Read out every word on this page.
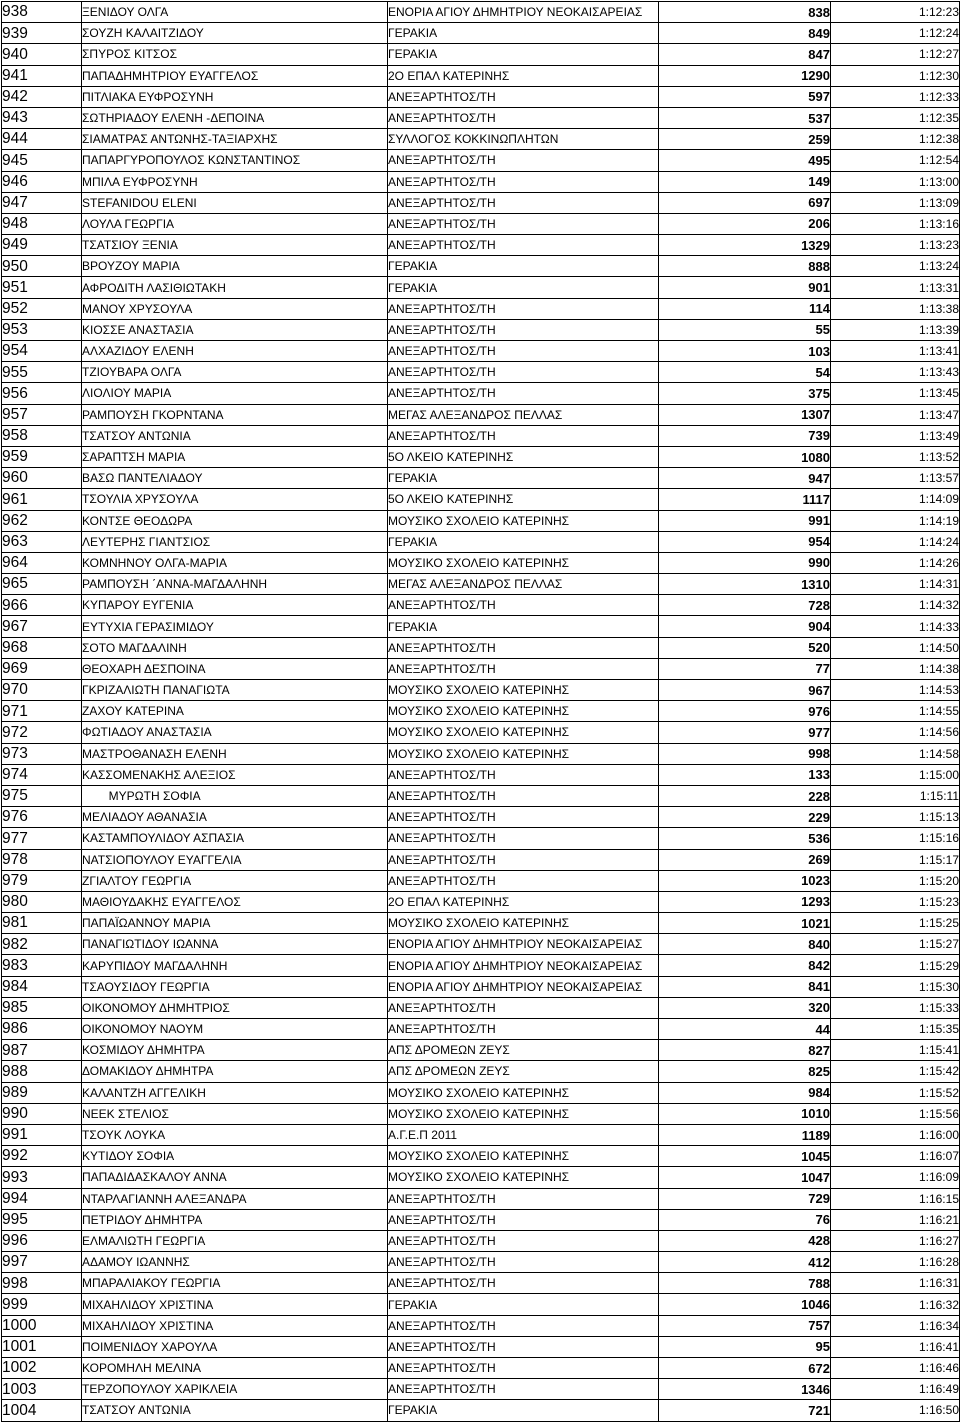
938	ΞΕΝΙΔΟΥ ΟΛΓΑ	ΕΝΟΡΙΑ ΑΓΙΟΥ ΔΗΜΗΤΡΙΟΥ ΝΕΟΚΑΙΣΑΡΕΙΑΣ	838	1:12:23
939	ΣΟΥΖΗ ΚΑΛΑΙΤΖΙΔΟΥ	ΓΕΡΑΚΙΑ	849	1:12:24
940	ΣΠΥΡΟΣ ΚΙΤΣΟΣ	ΓΕΡΑΚΙΑ	847	1:12:27
941	ΠΑΠΑΔΗΜΗΤΡΙΟΥ ΕΥΑΓΓΕΛΟΣ	2Ο ΕΠΑΛ ΚΑΤΕΡΙΝΗΣ	1290	1:12:30
942	ΠΙΤΛΙΑΚΑ ΕΥΦΡΟΣΥΝΗ	ΑΝΕΞΑΡΤΗΤΟΣ/ΤΗ	597	1:12:33
943	ΣΩΤΗΡΙΑΔΟΥ ΕΛΕΝΗ -ΔΕΠΟΙΝΑ	ΑΝΕΞΑΡΤΗΤΟΣ/ΤΗ	537	1:12:35
944	ΣΙΑΜΑΤΡΑΣ ΑΝΤΩΝΗΣ-ΤΑΞΙΑΡΧΗΣ	ΣΥΛΛΟΓΟΣ ΚΟΚΚΙΝΩΠΛΗΤΩΝ	259	1:12:38
945	ΠΑΠΑΡΓΥΡΟΠΟΥΛΟΣ ΚΩΝΣΤΑΝΤΙΝΟΣ	ΑΝΕΞΑΡΤΗΤΟΣ/ΤΗ	495	1:12:54
946	ΜΠΙΛΑ ΕΥΦΡΟΣΥΝΗ	ΑΝΕΞΑΡΤΗΤΟΣ/ΤΗ	149	1:13:00
947	STEFANIDOU ELENI	ΑΝΕΞΑΡΤΗΤΟΣ/ΤΗ	697	1:13:09
948	ΛΟΥΛΑ ΓΕΩΡΓΙΑ	ΑΝΕΞΑΡΤΗΤΟΣ/ΤΗ	206	1:13:16
949	ΤΣΑΤΣΙΟΥ ΞΕΝΙΑ	ΑΝΕΞΑΡΤΗΤΟΣ/ΤΗ	1329	1:13:23
950	ΒΡΟΥΖΟΥ ΜΑΡΙΑ	ΓΕΡΑΚΙΑ	888	1:13:24
951	ΑΦΡΟΔΙΤΗ ΛΑΣΙΘΙΩΤΑΚΗ	ΓΕΡΑΚΙΑ	901	1:13:31
952	ΜΑΝΟΥ ΧΡΥΣΟΥΛΑ	ΑΝΕΞΑΡΤΗΤΟΣ/ΤΗ	114	1:13:38
953	ΚΙΟΣΣΕ ΑΝΑΣΤΑΣΙΑ	ΑΝΕΞΑΡΤΗΤΟΣ/ΤΗ	55	1:13:39
954	ΑΛΧΑΖΙΔΟΥ ΕΛΕΝΗ	ΑΝΕΞΑΡΤΗΤΟΣ/ΤΗ	103	1:13:41
955	ΤΖΙΟΥΒΑΡΑ ΟΛΓΑ	ΑΝΕΞΑΡΤΗΤΟΣ/ΤΗ	54	1:13:43
956	ΛΙΟΛΙΟΥ ΜΑΡΙΑ	ΑΝΕΞΑΡΤΗΤΟΣ/ΤΗ	375	1:13:45
957	ΡΑΜΠΟΥΣΗ ΓΚΟΡΝΤΑΝΑ	ΜΕΓΑΣ ΑΛΕΞΑΝΔΡΟΣ ΠΕΛΛΑΣ	1307	1:13:47
958	ΤΣΑΤΣΟΥ ΑΝΤΩΝΙΑ	ΑΝΕΞΑΡΤΗΤΟΣ/ΤΗ	739	1:13:49
959	ΣΑΡΑΠΤΣΗ ΜΑΡΙΑ	5Ο ΛΚΕΙΟ ΚΑΤΕΡΙΝΗΣ	1080	1:13:52
960	ΒΑΣΩ ΠΑΝΤΕΛΙΑΔΟΥ	ΓΕΡΑΚΙΑ	947	1:13:57
961	ΤΣΟΥΛΙΑ ΧΡΥΣΟΥΛΑ	5Ο ΛΚΕΙΟ ΚΑΤΕΡΙΝΗΣ	1117	1:14:09
962	ΚΟΝΤΣΕ ΘΕΟΔΩΡΑ	ΜΟΥΣΙΚΟ ΣΧΟΛΕΙΟ ΚΑΤΕΡΙΝΗΣ	991	1:14:19
963	ΛΕΥΤΕΡΗΣ ΓΙΑΝΤΣΙΟΣ	ΓΕΡΑΚΙΑ	954	1:14:24
964	ΚΟΜΝΗΝΟΥ ΟΛΓΑ-ΜΑΡΙΑ	ΜΟΥΣΙΚΟ ΣΧΟΛΕΙΟ ΚΑΤΕΡΙΝΗΣ	990	1:14:26
965	ΡΑΜΠΟΥΣΗ ΄ΑΝΝΑ-ΜΑΓΔΑΛΗΝΗ	ΜΕΓΑΣ ΑΛΕΞΑΝΔΡΟΣ ΠΕΛΛΑΣ	1310	1:14:31
966	ΚΥΠΑΡΟΥ ΕΥΓΕΝΙΑ	ΑΝΕΞΑΡΤΗΤΟΣ/ΤΗ	728	1:14:32
967	ΕΥΤΥΧΙΑ ΓΕΡΑΣΙΜΙΔΟΥ	ΓΕΡΑΚΙΑ	904	1:14:33
968	ΣΟΤΟ ΜΑΓΔΑΛΙΝΗ	ΑΝΕΞΑΡΤΗΤΟΣ/ΤΗ	520	1:14:50
969	ΘΕΟΧΑΡΗ ΔΕΣΠΟΙΝΑ	ΑΝΕΞΑΡΤΗΤΟΣ/ΤΗ	77	1:14:38
970	ΓΚΡΙΖΑΛΙΩΤΗ ΠΑΝΑΓΙΩΤΑ	ΜΟΥΣΙΚΟ ΣΧΟΛΕΙΟ ΚΑΤΕΡΙΝΗΣ	967	1:14:53
971	ΖΑΧΟΥ ΚΑΤΕΡΙΝΑ	ΜΟΥΣΙΚΟ ΣΧΟΛΕΙΟ ΚΑΤΕΡΙΝΗΣ	976	1:14:55
972	ΦΩΤΙΑΔΟΥ ΑΝΑΣΤΑΣΙΑ	ΜΟΥΣΙΚΟ ΣΧΟΛΕΙΟ ΚΑΤΕΡΙΝΗΣ	977	1:14:56
973	ΜΑΣΤΡΟΘΑΝΑΣΗ ΕΛΕΝΗ	ΜΟΥΣΙΚΟ ΣΧΟΛΕΙΟ ΚΑΤΕΡΙΝΗΣ	998	1:14:58
974	ΚΑΣΣΟΜΕΝΑΚΗΣ ΑΛΕΞΙΟΣ	ΑΝΕΞΑΡΤΗΤΟΣ/ΤΗ	133	1:15:00
975	ΜΥΡΩΤΗ ΣΟΦΙΑ	ΑΝΕΞΑΡΤΗΤΟΣ/ΤΗ	228	1:15:11
976	ΜΕΛΙΑΔΟΥ ΑΘΑΝΑΣΙΑ	ΑΝΕΞΑΡΤΗΤΟΣ/ΤΗ	229	1:15:13
977	ΚΑΣΤΑΜΠΟΥΛΙΔΟΥ ΑΣΠΑΣΙΑ	ΑΝΕΞΑΡΤΗΤΟΣ/ΤΗ	536	1:15:16
978	ΝΑΤΣΙΟΠΟΥΛΟΥ ΕΥΑΓΓΕΛΙΑ	ΑΝΕΞΑΡΤΗΤΟΣ/ΤΗ	269	1:15:17
979	ΖΓΙΑΛΤΟΥ ΓΕΩΡΓΙΑ	ΑΝΕΞΑΡΤΗΤΟΣ/ΤΗ	1023	1:15:20
980	ΜΑΘΙΟΥΔΑΚΗΣ ΕΥΑΓΓΕΛΟΣ	2Ο ΕΠΑΛ ΚΑΤΕΡΙΝΗΣ	1293	1:15:23
981	ΠΑΠΑΪΩΑΝΝΟΥ ΜΑΡΙΑ	ΜΟΥΣΙΚΟ ΣΧΟΛΕΙΟ ΚΑΤΕΡΙΝΗΣ	1021	1:15:25
982	ΠΑΝΑΓΙΩΤΙΔΟΥ ΙΩΑΝΝΑ	ΕΝΟΡΙΑ ΑΓΙΟΥ ΔΗΜΗΤΡΙΟΥ ΝΕΟΚΑΙΣΑΡΕΙΑΣ	840	1:15:27
983	ΚΑΡΥΠΙΔΟΥ ΜΑΓΔΑΛΗΝΗ	ΕΝΟΡΙΑ ΑΓΙΟΥ ΔΗΜΗΤΡΙΟΥ ΝΕΟΚΑΙΣΑΡΕΙΑΣ	842	1:15:29
984	ΤΣΑΟΥΣΙΔΟΥ ΓΕΩΡΓΙΑ	ΕΝΟΡΙΑ ΑΓΙΟΥ ΔΗΜΗΤΡΙΟΥ ΝΕΟΚΑΙΣΑΡΕΙΑΣ	841	1:15:30
985	ΟΙΚΟΝΟΜΟΥ ΔΗΜΗΤΡΙΟΣ	ΑΝΕΞΑΡΤΗΤΟΣ/ΤΗ	320	1:15:33
986	ΟΙΚΟΝΟΜΟΥ ΝΑΟΥΜ	ΑΝΕΞΑΡΤΗΤΟΣ/ΤΗ	44	1:15:35
987	ΚΟΣΜΙΔΟΥ ΔΗΜΗΤΡΑ	ΑΠΣ ΔΡΟΜΕΩΝ ΖΕΥΣ	827	1:15:41
988	ΔΟΜΑΚΙΔΟΥ ΔΗΜΗΤΡΑ	ΑΠΣ ΔΡΟΜΕΩΝ ΖΕΥΣ	825	1:15:42
989	ΚΑΛΑΝΤΖΗ ΑΓΓΕΛΙΚΗ	ΜΟΥΣΙΚΟ ΣΧΟΛΕΙΟ ΚΑΤΕΡΙΝΗΣ	984	1:15:52
990	ΝΕΕΚ ΣΤΕΛΙΟΣ	ΜΟΥΣΙΚΟ ΣΧΟΛΕΙΟ ΚΑΤΕΡΙΝΗΣ	1010	1:15:56
991	ΤΣΟΥΚ ΛΟΥΚΑ	Α.Γ.Ε.Π 2011	1189	1:16:00
992	ΚΥΤΙΔΟΥ ΣΟΦΙΑ	ΜΟΥΣΙΚΟ ΣΧΟΛΕΙΟ ΚΑΤΕΡΙΝΗΣ	1045	1:16:07
993	ΠΑΠΑΔΙΔΑΣΚΑΛΟΥ ΑΝΝΑ	ΜΟΥΣΙΚΟ ΣΧΟΛΕΙΟ ΚΑΤΕΡΙΝΗΣ	1047	1:16:09
994	ΝΤΑΡΛΑΓΙΑΝΝΗ ΑΛΕΞΑΝΔΡΑ	ΑΝΕΞΑΡΤΗΤΟΣ/ΤΗ	729	1:16:15
995	ΠΕΤΡΙΔΟΥ ΔΗΜΗΤΡΑ	ΑΝΕΞΑΡΤΗΤΟΣ/ΤΗ	76	1:16:21
996	ΕΛΜΑΛΙΩΤΗ ΓΕΩΡΓΙΑ	ΑΝΕΞΑΡΤΗΤΟΣ/ΤΗ	428	1:16:27
997	ΑΔΑΜΟΥ ΙΩΑΝΝΗΣ	ΑΝΕΞΑΡΤΗΤΟΣ/ΤΗ	412	1:16:28
998	ΜΠΑΡΑΛΙΑΚΟΥ ΓΕΩΡΓΙΑ	ΑΝΕΞΑΡΤΗΤΟΣ/ΤΗ	788	1:16:31
999	ΜΙΧΑΗΛΙΔΟΥ ΧΡΙΣΤΙΝΑ	ΓΕΡΑΚΙΑ	1046	1:16:32
1000	ΜΙΧΑΗΛΙΔΟΥ ΧΡΙΣΤΙΝΑ	ΑΝΕΞΑΡΤΗΤΟΣ/ΤΗ	757	1:16:34
1001	ΠΟΙΜΕΝΙΔΟΥ ΧΑΡΟΥΛΑ	ΑΝΕΞΑΡΤΗΤΟΣ/ΤΗ	95	1:16:41
1002	ΚΟΡΟΜΗΛΗ ΜΕΛΙΝΑ	ΑΝΕΞΑΡΤΗΤΟΣ/ΤΗ	672	1:16:46
1003	ΤΕΡΖΟΠΟΥΛΟΥ ΧΑΡΙΚΛΕΙΑ	ΑΝΕΞΑΡΤΗΤΟΣ/ΤΗ	1346	1:16:49
1004	ΤΣΑΤΣΟΥ ΑΝΤΩΝΙΑ	ΓΕΡΑΚΙΑ	721	1:16:50
